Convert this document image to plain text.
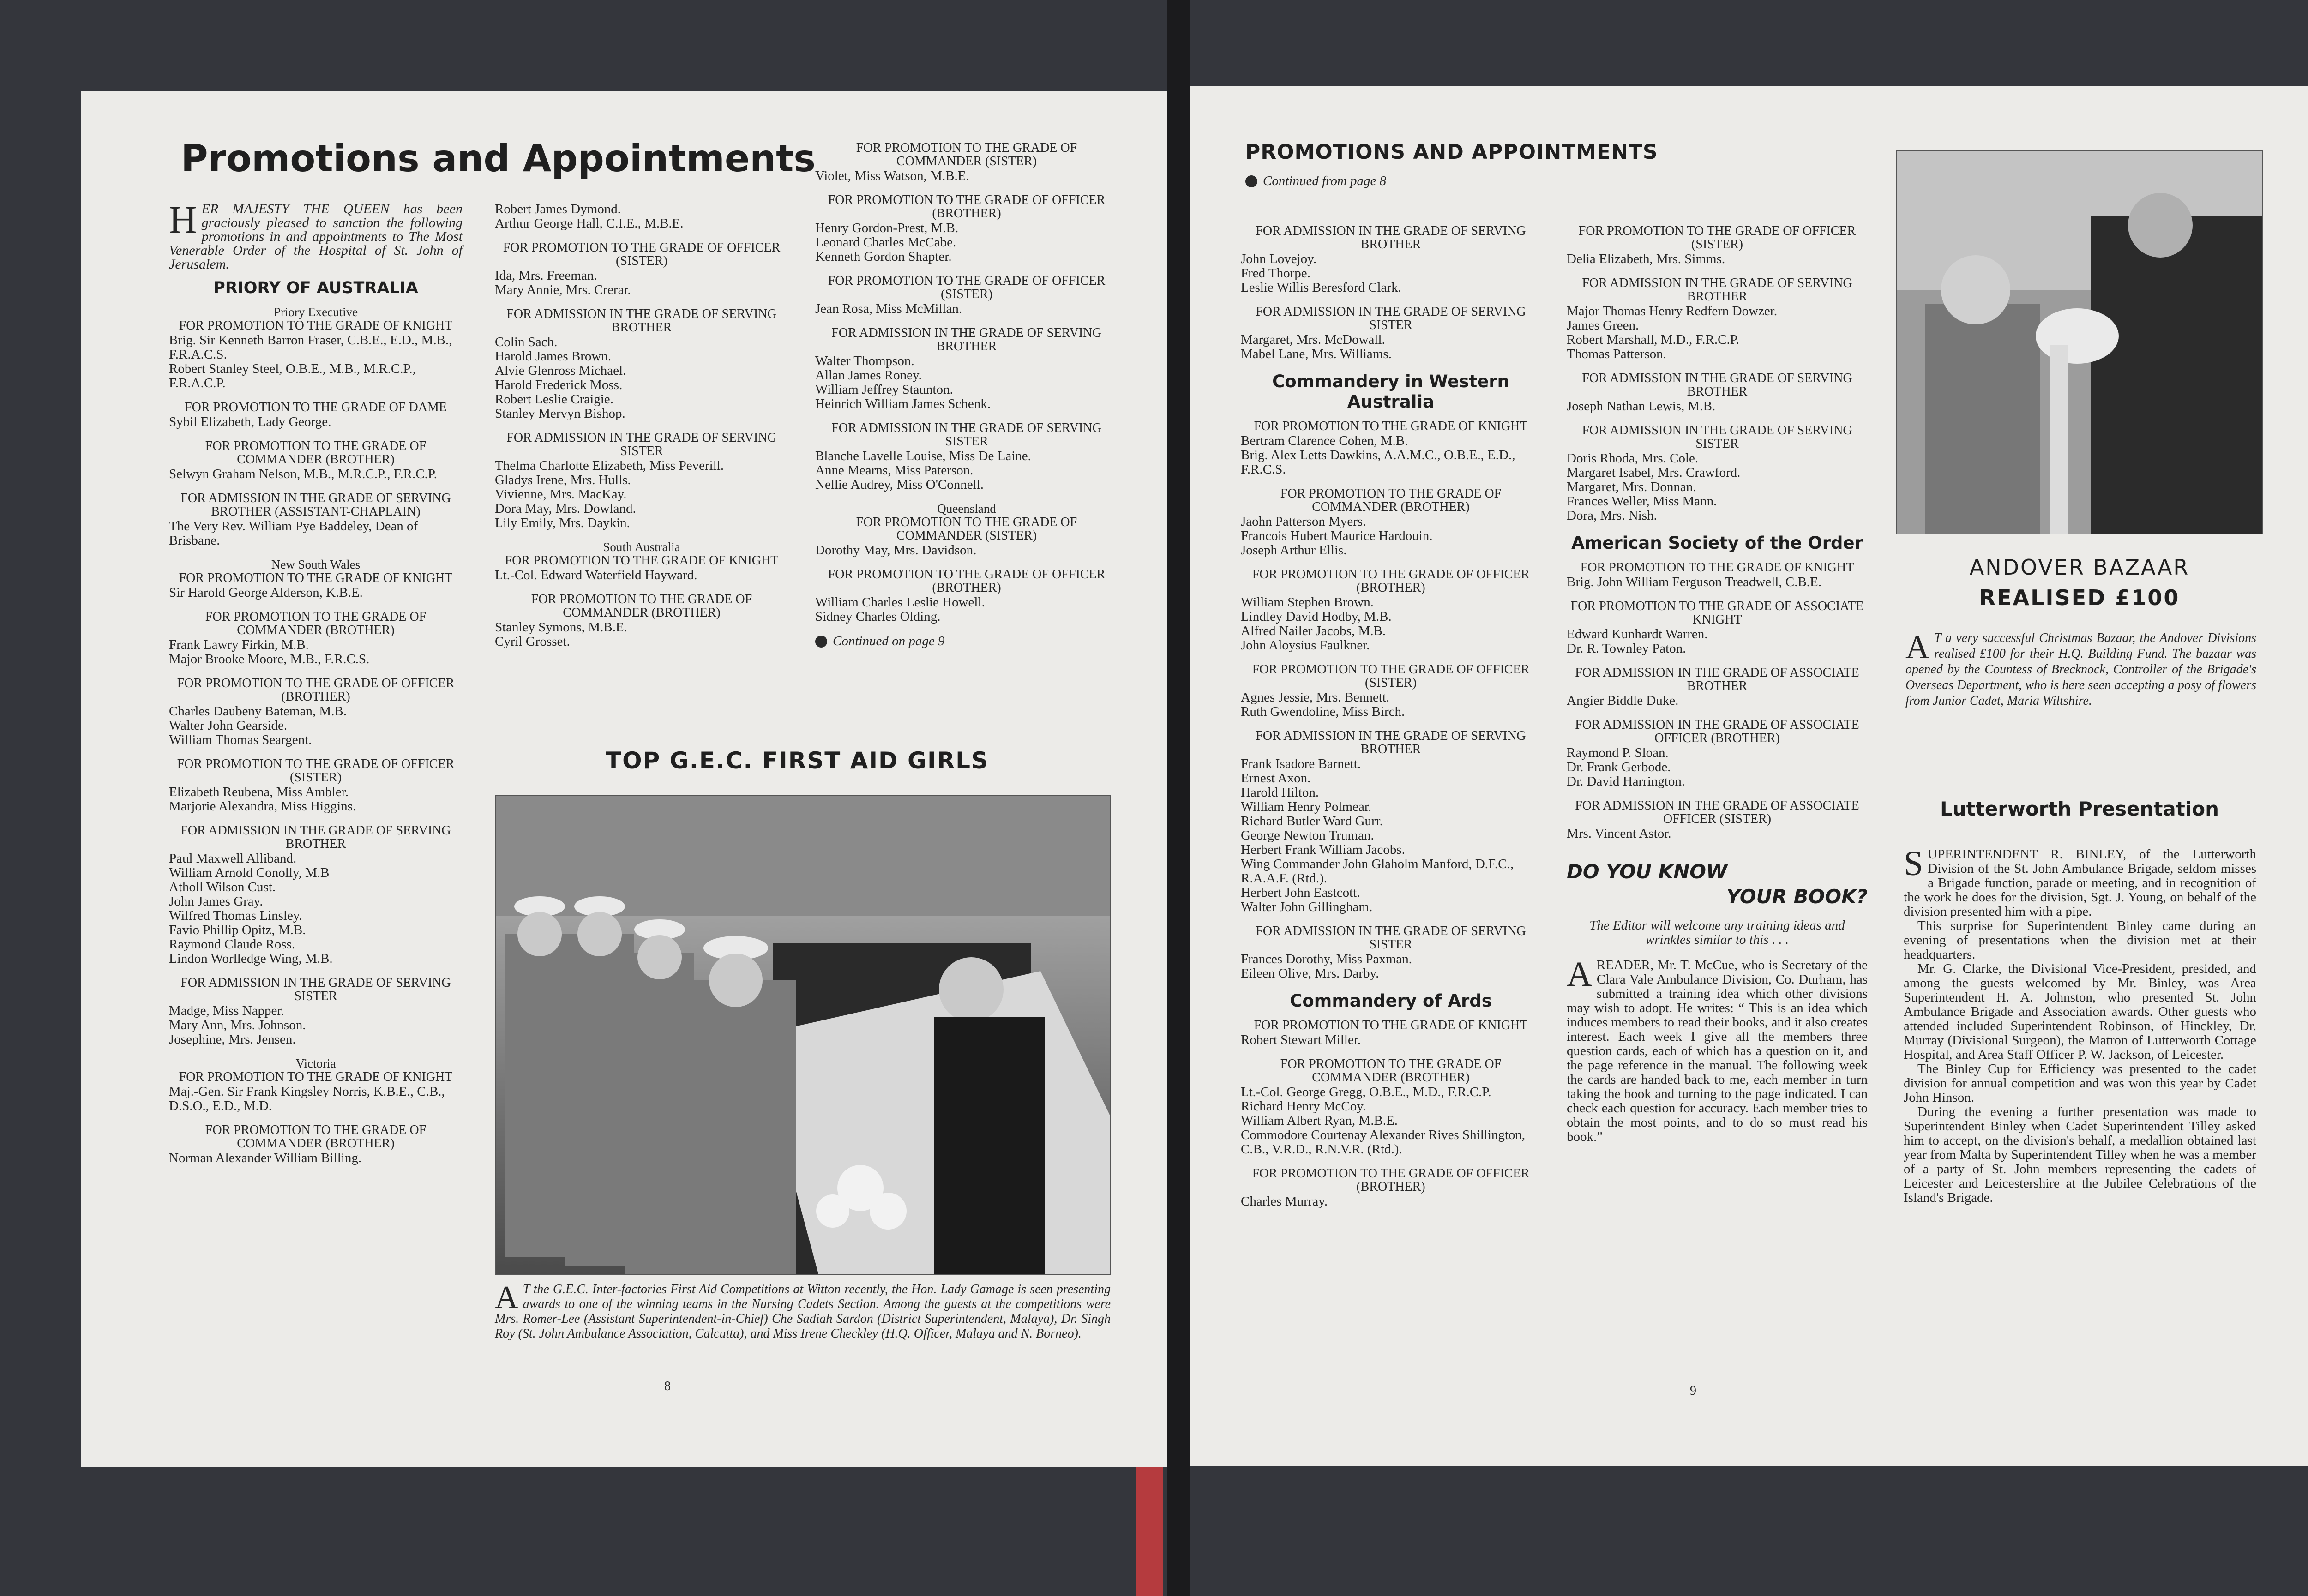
Promotions and Appointments
HER MAJESTY THE QUEEN has been graciously pleased to sanction the following promotions in and appointments to The Most Venerable Order of the Hospital of St. John of Jerusalem.
PRIORY OF AUSTRALIA
Priory Executive
FOR PROMOTION TO THE GRADE OF KNIGHT
Brig. Sir Kenneth Barron Fraser, C.B.E., E.D., M.B., F.R.A.C.S.
Robert Stanley Steel, O.B.E., M.B., M.R.C.P., F.R.A.C.P.
FOR PROMOTION TO THE GRADE OF DAME
Sybil Elizabeth, Lady George.
FOR PROMOTION TO THE GRADE OF COMMANDER (BROTHER)
Selwyn Graham Nelson, M.B., M.R.C.P., F.R.C.P.
FOR ADMISSION IN THE GRADE OF SERVING BROTHER (ASSISTANT-CHAPLAIN)
The Very Rev. William Pye Baddeley, Dean of Brisbane.
New South Wales
FOR PROMOTION TO THE GRADE OF KNIGHT
Sir Harold George Alderson, K.B.E.
FOR PROMOTION TO THE GRADE OF COMMANDER (BROTHER)
Frank Lawry Firkin, M.B.
Major Brooke Moore, M.B., F.R.C.S.
FOR PROMOTION TO THE GRADE OF OFFICER (BROTHER)
Charles Daubeny Bateman, M.B.
Walter John Gearside.
William Thomas Seargent.
FOR PROMOTION TO THE GRADE OF OFFICER (SISTER)
Elizabeth Reubena, Miss Ambler.
Marjorie Alexandra, Miss Higgins.
FOR ADMISSION IN THE GRADE OF SERVING BROTHER
Paul Maxwell Alliband.
William Arnold Conolly, M.B
Atholl Wilson Cust.
John James Gray.
Wilfred Thomas Linsley.
Favio Phillip Opitz, M.B.
Raymond Claude Ross.
Lindon Worlledge Wing, M.B.
FOR ADMISSION IN THE GRADE OF SERVING SISTER
Madge, Miss Napper.
Mary Ann, Mrs. Johnson.
Josephine, Mrs. Jensen.
Victoria
FOR PROMOTION TO THE GRADE OF KNIGHT
Maj.-Gen. Sir Frank Kingsley Norris, K.B.E., C.B., D.S.O., E.D., M.D.
FOR PROMOTION TO THE GRADE OF COMMANDER (BROTHER)
Norman Alexander William Billing.
Robert James Dymond.
Arthur George Hall, C.I.E., M.B.E.
FOR PROMOTION TO THE GRADE OF OFFICER (SISTER)
Ida, Mrs. Freeman.
Mary Annie, Mrs. Crerar.
FOR ADMISSION IN THE GRADE OF SERVING BROTHER
Colin Sach.
Harold James Brown.
Alvie Glenross Michael.
Harold Frederick Moss.
Robert Leslie Craigie.
Stanley Mervyn Bishop.
FOR ADMISSION IN THE GRADE OF SERVING SISTER
Thelma Charlotte Elizabeth, Miss Peverill.
Gladys Irene, Mrs. Hulls.
Vivienne, Mrs. MacKay.
Dora May, Mrs. Dowland.
Lily Emily, Mrs. Daykin.
South Australia
FOR PROMOTION TO THE GRADE OF KNIGHT
Lt.-Col. Edward Waterfield Hayward.
FOR PROMOTION TO THE GRADE OF COMMANDER (BROTHER)
Stanley Symons, M.B.E.
Cyril Grosset.
FOR PROMOTION TO THE GRADE OF COMMANDER (SISTER)
Violet, Miss Watson, M.B.E.
FOR PROMOTION TO THE GRADE OF OFFICER (BROTHER)
Henry Gordon-Prest, M.B.
Leonard Charles McCabe.
Kenneth Gordon Shapter.
FOR PROMOTION TO THE GRADE OF OFFICER (SISTER)
Jean Rosa, Miss McMillan.
FOR ADMISSION IN THE GRADE OF SERVING BROTHER
Walter Thompson.
Allan James Roney.
William Jeffrey Staunton.
Heinrich William James Schenk.
FOR ADMISSION IN THE GRADE OF SERVING SISTER
Blanche Lavelle Louise, Miss De Laine.
Anne Mearns, Miss Paterson.
Nellie Audrey, Miss O'Connell.
Queensland
FOR PROMOTION TO THE GRADE OF COMMANDER (SISTER)
Dorothy May, Mrs. Davidson.
FOR PROMOTION TO THE GRADE OF OFFICER (BROTHER)
William Charles Leslie Howell.
Sidney Charles Olding.
Continued on page 9
TOP G.E.C. FIRST AID GIRLS
A T the G.E.C. Inter-factories First Aid Competitions at Witton recently, the Hon. Lady Gamage is seen presenting awards to one of the winning teams in the Nursing Cadets Section. Among the guests at the competitions were Mrs. Romer-Lee (Assistant Superintendent-in-Chief) Che Sadiah Sardon (District Superintendent, Malaya), Dr. Singh Roy (St. John Ambulance Association, Calcutta), and Miss Irene Checkley (H.Q. Officer, Malaya and N. Borneo).
8
PROMOTIONS AND APPOINTMENTS
Continued from page 8
FOR ADMISSION IN THE GRADE OF SERVING BROTHER
John Lovejoy.
Fred Thorpe.
Leslie Willis Beresford Clark.
FOR ADMISSION IN THE GRADE OF SERVING SISTER
Margaret, Mrs. McDowall.
Mabel Lane, Mrs. Williams.
Commandery in Western Australia
FOR PROMOTION TO THE GRADE OF KNIGHT
Bertram Clarence Cohen, M.B.
Brig. Alex Letts Dawkins, A.A.M.C., O.B.E., E.D., F.R.C.S.
FOR PROMOTION TO THE GRADE OF COMMANDER (BROTHER)
Jaohn Patterson Myers.
Francois Hubert Maurice Hardouin.
Joseph Arthur Ellis.
FOR PROMOTION TO THE GRADE OF OFFICER (BROTHER)
William Stephen Brown.
Lindley David Hodby, M.B.
Alfred Nailer Jacobs, M.B.
John Aloysius Faulkner.
FOR PROMOTION TO THE GRADE OF OFFICER (SISTER)
Agnes Jessie, Mrs. Bennett.
Ruth Gwendoline, Miss Birch.
FOR ADMISSION IN THE GRADE OF SERVING BROTHER
Frank Isadore Barnett.
Ernest Axon.
Harold Hilton.
William Henry Polmear.
Richard Butler Ward Gurr.
George Newton Truman.
Herbert Frank William Jacobs.
Wing Commander John Glaholm Manford, D.F.C., R.A.A.F. (Rtd.).
Herbert John Eastcott.
Walter John Gillingham.
FOR ADMISSION IN THE GRADE OF SERVING SISTER
Frances Dorothy, Miss Paxman.
Eileen Olive, Mrs. Darby.
Commandery of Ards
FOR PROMOTION TO THE GRADE OF KNIGHT
Robert Stewart Miller.
FOR PROMOTION TO THE GRADE OF COMMANDER (BROTHER)
Lt.-Col. George Gregg, O.B.E., M.D., F.R.C.P.
Richard Henry McCoy.
William Albert Ryan, M.B.E.
Commodore Courtenay Alexander Rives Shillington, C.B., V.R.D., R.N.V.R. (Rtd.).
FOR PROMOTION TO THE GRADE OF OFFICER (BROTHER)
Charles Murray.
FOR PROMOTION TO THE GRADE OF OFFICER (SISTER)
Delia Elizabeth, Mrs. Simms.
FOR ADMISSION IN THE GRADE OF SERVING BROTHER
Major Thomas Henry Redfern Dowzer.
James Green.
Robert Marshall, M.D., F.R.C.P.
Thomas Patterson.
FOR ADMISSION IN THE GRADE OF SERVING BROTHER
Joseph Nathan Lewis, M.B.
FOR ADMISSION IN THE GRADE OF SERVING SISTER
Doris Rhoda, Mrs. Cole.
Margaret Isabel, Mrs. Crawford.
Margaret, Mrs. Donnan.
Frances Weller, Miss Mann.
Dora, Mrs. Nish.
American Society of the Order
FOR PROMOTION TO THE GRADE OF KNIGHT
Brig. John William Ferguson Treadwell, C.B.E.
FOR PROMOTION TO THE GRADE OF ASSOCIATE KNIGHT
Edward Kunhardt Warren.
Dr. R. Townley Paton.
FOR ADMISSION IN THE GRADE OF ASSOCIATE BROTHER
Angier Biddle Duke.
FOR ADMISSION IN THE GRADE OF ASSOCIATE OFFICER (BROTHER)
Raymond P. Sloan.
Dr. Frank Gerbode.
Dr. David Harrington.
FOR ADMISSION IN THE GRADE OF ASSOCIATE OFFICER (SISTER)
Mrs. Vincent Astor.
DO YOU KNOW
YOUR BOOK?
The Editor will welcome any training ideas and wrinkles similar to this . . .
AREADER, Mr. T. McCue, who is Secretary of the Clara Vale Ambulance Division, Co. Durham, has submitted a training idea which other divisions may wish to adopt. He writes: “ This is an idea which induces members to read their books, and it also creates interest. Each week I give all the members three question cards, each of which has a question on it, and the page reference in the manual. The following week the cards are handed back to me, each member in turn taking the book and turning to the page indicated. I can check each question for accuracy. Each member tries to obtain the most points, and to do so must read his book.”
ANDOVER BAZAAR
REALISED £100
A T a very successful Christmas Bazaar, the Andover Divisions realised £100 for their H.Q. Building Fund. The bazaar was opened by the Countess of Brecknock, Controller of the Brigade's Overseas Department, who is here seen accepting a posy of flowers from Junior Cadet, Maria Wiltshire.
Lutterworth Presentation

SUPERINTENDENT R. BINLEY, of the Lutterworth Division of the St. John Ambulance Brigade, seldom misses a Brigade function, parade or meeting, and in recognition of the work he does for the division, Sgt. J. Young, on behalf of the division presented him with a pipe.

This surprise for Superintendent Binley came during an evening of presentations when the division met at their headquarters.

Mr. G. Clarke, the Divisional Vice-President, presided, and among the guests welcomed by Mr. Binley, was Area Superintendent H. A. Johnston, who presented St. John Ambulance Brigade and Association awards. Other guests who attended included Superintendent Robinson, of Hinckley, Dr. Murray (Divisional Surgeon), the Matron of Lutterworth Cottage Hospital, and Area Staff Officer P. W. Jackson, of Leicester.

The Binley Cup for Efficiency was presented to the cadet division for annual competition and was won this year by Cadet John Hinson.

During the evening a further presentation was made to Superintendent Binley when Cadet Superintendent Tilley asked him to accept, on the division's behalf, a medallion obtained last year from Malta by Superintendent Tilley when he was a member of a party of St. John members representing the cadets of Leicester and Leicestershire at the Jubilee Celebrations of the Island's Brigade.

9
